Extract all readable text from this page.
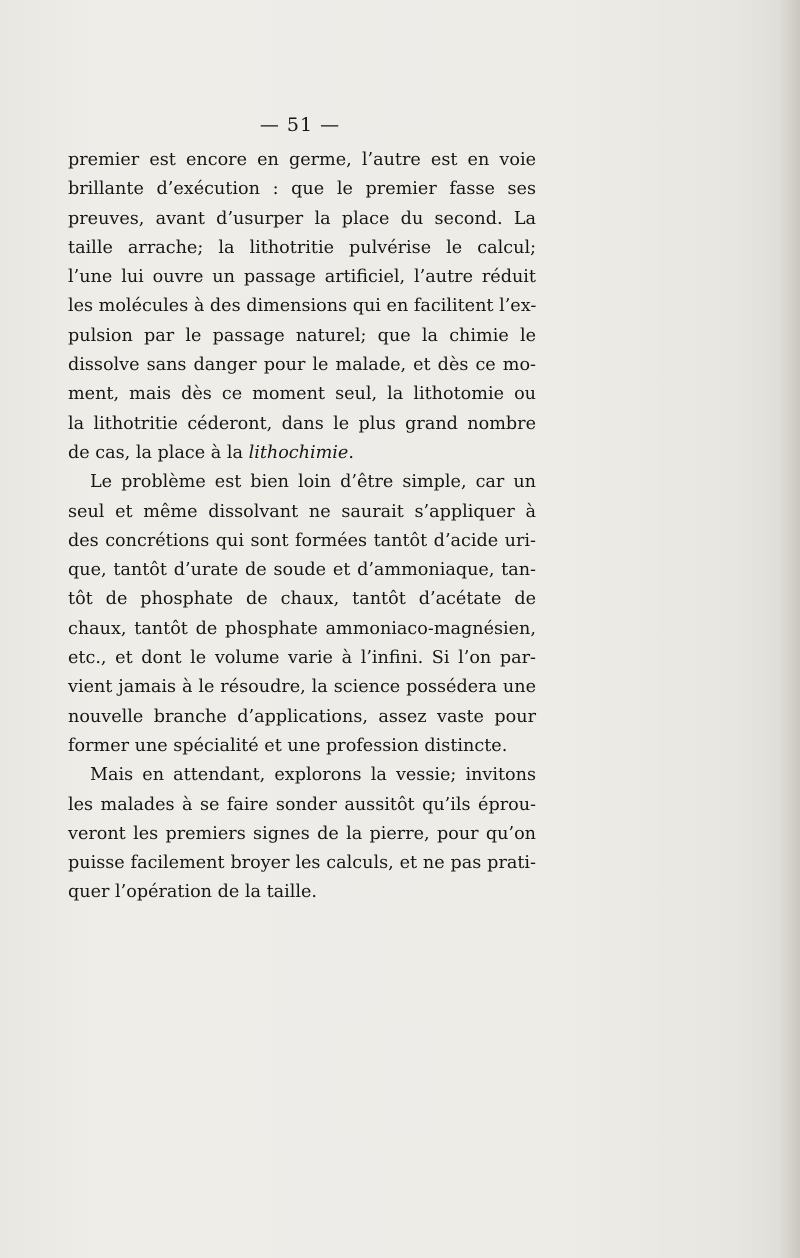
— 51 —
premier est encore en germe, l’autre est en voie
brillante d’exécution : que le premier fasse ses
preuves, avant d’usurper la place du second. La
taille arrache; la lithotritie pulvérise le calcul;
l’une lui ouvre un passage artificiel, l’autre réduit
les molécules à des dimensions qui en facilitent l’ex-
pulsion par le passage naturel; que la chimie le
dissolve sans danger pour le malade, et dès ce mo-
ment, mais dès ce moment seul, la lithotomie ou
la lithotritie céderont, dans le plus grand nombre
de cas, la place à la lithochimie.
Le problème est bien loin d’être simple, car un
seul et même dissolvant ne saurait s’appliquer à
des concrétions qui sont formées tantôt d’acide uri-
que, tantôt d’urate de soude et d’ammoniaque, tan-
tôt de phosphate de chaux, tantôt d’acétate de
chaux, tantôt de phosphate ammoniaco-magnésien,
etc., et dont le volume varie à l’infini. Si l’on par-
vient jamais à le résoudre, la science possédera une
nouvelle branche d’applications, assez vaste pour
former une spécialité et une profession distincte.
Mais en attendant, explorons la vessie; invitons
les malades à se faire sonder aussitôt qu’ils éprou-
veront les premiers signes de la pierre, pour qu’on
puisse facilement broyer les calculs, et ne pas prati-
quer l’opération de la taille.
